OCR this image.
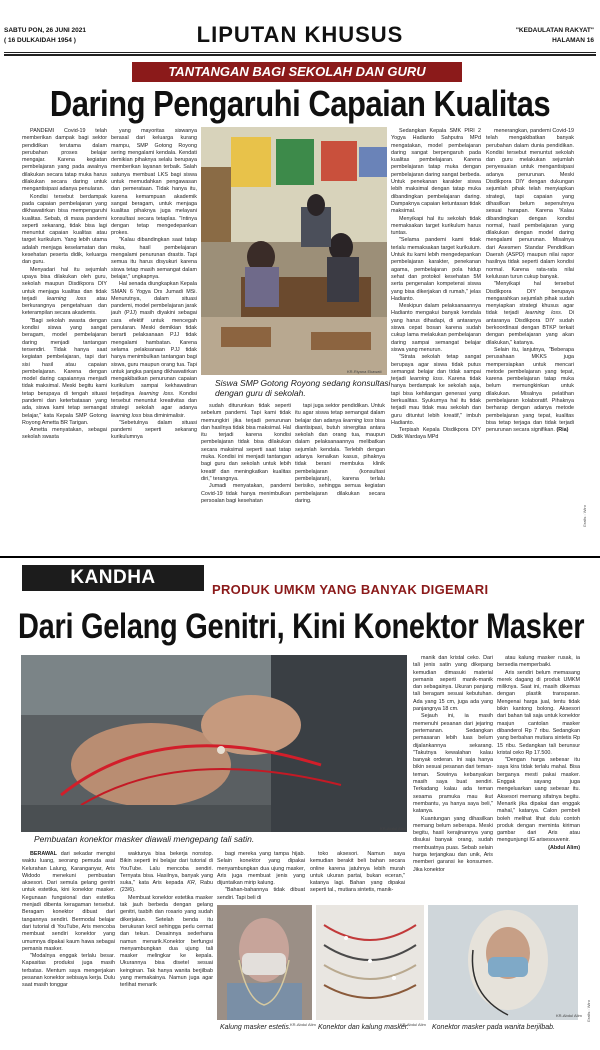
SABTU PON, 26 JUNI 2021
( 16 DULKAIDAH 1954 )	LIPUTAN KHUSUS	"KEDAULATAN RAKYAT"
HALAMAN 16
TANTANGAN BAGI SEKOLAH DAN GURU
Daring Pengaruhi Capaian Kualitas

PANDEMI Covid-19 telah memberikan dampak bagi sektor pendidikan terutama dalam perubahan proses belajar mengajar. Karena kegiatan pembelajaran yang pada awalnya dilakukan secara tatap muka harus dilakukan secara daring untuk mengantisipasi adanya penularan.

Kondisi tersebut berdampak pada capaian pembelajaran yang dikhawatirkan bisa mempengaruhi kualitas. Sebab, di masa pandemi seperti sekarang, tidak bisa lagi menuntut capaian kualitas atau target kurikulum. Yang lebih utama adalah menjaga keselamatan dan kesehatan peserta didik, keluarga dan guru.

Menyadari hal itu sejumlah upaya bisa dilakukan oleh guru, sekolah maupun Disdikpora DIY untuk menjaga kualitas dan tidak terjadi learning loss atau berkurangnya pengetahuan dan keterampilan secara akademis.

"Bagi sekolah swasta dengan kondisi siswa yang sangat beragam, model pembelajaran daring menjadi tantangan tersendiri. Tidak hanya saat kegiatan pembelajaran, tapi dari sisi hasil atau capaian pembelajaran. Karena dengan model daring capaiannya menjadi tidak maksimal. Meski begitu kami tetap berupaya di tengah situasi pandemi dan keterbatasan yang ada, siswa kami tetap semangat belajar," kata Kepala SMP Gotong Royong Ametta BR Tarigan.

Ametta menyatakan, sebagai sekolah swasta

yang mayoritas siswanya berasal dari keluarga kurang mampu, SMP Gotong Royong sering mengalami kendala. Kendati demikian pihaknya selalu berupaya memberikan layanan terbaik. Salah satunya membuat LKS bagi siswa untuk memudahkan pengawasan dan pemerataan. Tidak hanya itu, karena kemampuan akademik sangat beragam, untuk menjaga kualitas pihaknya juga melayani konsultasi secara tetaplas. "Intinya dengan tetap mengedepankan prokes.

"Kalau dibandingkan saat tatap muka, hasil pembelajaran mengalami penurunan drastis. Tapi semua itu harus disyukuri karena siswa tetap masih semangat dalam belajar," ungkapnya.

Hal senada diungkapkan Kepala SMAN 6 Yogya Drs Jumadi MSi. Menurutnya, dalam situasi pandemi, model pembelajaran jarak jauh (PJJ) masih diyakini sebagai cara efektif untuk mencegah penularan. Meski demikian tidak berarti pelaksanaan PJJ tidak mengalami hambatan. Karena selama pelaksanaan PJJ tidak hanya menimbulkan tantangan bagi siswa, guru maupun orang tua. Tapi untuk jangka panjang dikhawatirkan mengakibatkan penurunan capaian kurikulum sampai kekhawatiran terjadinya learning loss. Kondisi tersebut menuntut kreativitas dan strategi sekolah agar adanya learning loss bisa diminimalisir.

"Sebetulnya dalam situasi pandemi seperti sekarang kurikulumnya

KR-Riyana Ekawati
Siswa SMP Gotong Royong sedang konsultasi
dengan guru di sekolah.

sudah diturunkan tidak seperti sebelum pandemi. Tapi kami tidak memungkiri jika terjadi penurunan dan hasilnya tidak bisa maksimal. Hal itu terjadi karena kondisi pembelajaran tidak bisa dilakukan secara maksimal seperti saat tatap muka. Kondisi ini menjadi tantangan bagi guru dan sekolah untuk lebih kreatif dan meningkatkan kualitas diri," terangnya.

Jumadi menyatakan, pandemi Covid-19 tidak hanya menimbulkan persoalan bagi kesehatan

tapi juga sektor pendidikan. Untuk itu agar siswa tetap semangat dalam belajar dan adanya learning loss bisa diantisipasi, butuh sinergitas antara sekolah dan orang tua, maupun dalam pelaksanaannya melibatkan sejumlah kendala. Terlebih dengan adanya kenaikan kasus, pihaknya tidak berani membuka klinik pembelajaran (konsultasi pembelajaran), karena terlalu berisiko, sehingga semua kegiatan pembelajaran dilakukan secara daring.

Sedangkan Kepala SMK PIRI 2 Yogya Hadianto Sahputra MPd mengatakan, model pembelajaran daring sangat berpengaruh pada kualitas pembelajaran. Karena pembelajaran tatap muka dengan pembelajaran daring sangat berbeda. Untuk penekanan karakter siswa lebih maksimal dengan tatap muka dibandingkan pembelajaran daring. Dampaknya capaian ketuntasan tidak maksimal.

Menyikapi hal itu sekolah tidak memaksakan target kurikulum harus tuntas.

"Selama pandemi kami tidak terlalu memaksakan target kurikulum. Untuk itu kami lebih mengedepankan pembelajaran karakter, penekanan agama, pembelajaran pola hidup sehat dan protokol kesehatan 5M serta pengenalan kompetensi siswa yang bisa dikerjakan di rumah," jelas Hadianto.

Meskipun dalam pelaksanaannya Hadianto mengakui banyak kendala yang harus dihadapi, di antaranya siswa cepat bosan karena sudah cukup lama melakukan pembelajaran daring sampai semangat belajar siswa yang menurun.

"Strata sekolah tetap sangat berupaya agar siswa tidak putus semangat belajar dan tidak sampai terjadi learning loss. Karena tidak hanya berdampak ke sekolah saja, tapi bisa kehilangan generasi yang berkualitas. Syukurnya hal itu tidak terjadi mau tidak mau sekolah dan guru dituntut lebih kreatif," imbuh Hadianto.

Terpisah Kepala Disdikpora DIY Didik Wardaya MPd

menerangkan, pandemi Covid-19 telah mengakibatkan banyak perubahan dalam dunia pendidikan. Kondisi tersebut menuntut sekolah dan guru melakukan sejumlah penyesuaian untuk mengantisipasi adanya penurunan. Meski Disdikpora DIY dengan dukungan sejumlah pihak telah menyiapkan strategi, tapi capaian yang dihasilkan belum sepenuhnya sesuai harapan. Karena 'Kalau dibandingkan dengan kondisi normal, hasil pembelajaran yang dilakukan dengan model daring mengalami penurunan. Misalnya dari Asesmen Standar Pendidikan Daerah (ASPD) maupun nilai rapor hasilnya tidak seperti dalam kondisi normal. Karena rata-rata nilai kelulusan turun cukup banyak.

"Menyikapi hal tersebut Disdikpora DIY berupaya mengarahkan sejumlah pihak sudah menyiapkan strategi khusus agar tidak terjadi learning loss. Di antaranya Disdikpora DIY sudah berkoordinasi dengan BTKP terkait dengan pembelajaran yang akan dilakukan," katanya.

Selain itu, lanjutnya, "Beberapa perusahaan MKKS juga mempersiapkan untuk mencari metode pembelajaran yang tepat, karena pembelajaran tatap muka belum memungkinkan untuk dilakukan. Misalnya pelatihan pembelajaran kolaboratif. Pihaknya berharap dengan adanya metode pembelajaran yang tepat, kualitas bisa tetap terjaga dan tidak terjadi penurunan secara signifikan. (Ria)

Grafis : Wiro
KANDHA RAHARJA
PRODUK UMKM YANG BANYAK DIGEMARI
Dari Gelang Genitri, Kini Konektor Masker
KR-Abdul Alim
Pembuatan konektor masker diawali mengepang tali satin.

manik dan kristal ceko. Dari tali jenis satin yang dikepang kemudian dimasuki material pemanis seperti manik-manik dan sebagainya. Ukuran panjang tali beragam sesuai kebutuhan. Ada yang 15 cm, juga ada yang panjangnya 18 cm.

Sejauh ini, ia masih memenuhi pesanan dari jejaring pertemanan. Sedangkan pemasaran lebih luas belum dijalankannya sekarang. "Takutnya kewalahan kalau banyak orderan. Ini saja hanya bikin sesuai pesanan dari teman-teman. Sowinya kebanyakan masih saya buat sendiri. Terkadang kalau ada teman sesama pramuka mau ikut membantu, ya hanya saya beli," katanya.

Kuantungan yang dihasilkan memang belum seberapa. Meski begitu, hasil kerajinannya yang disukai banyak orang, sudah membuatnya puas. Sebab selain harga terjangkau dan unik, Aris memberi garansi ke konsumen. Jika konektor

atau kalung masker rusak, ia bersedia memperbaiki.

Aris sendiri belum memasang merek dagang di produk UMKM miliknya. Saat ini, masih dikemas dengan plastik transparan. Mengenai harga jual, tentu tidak bikin kantong bolong. Aksesori dari bahan tali saja untuk konektor masjun cantolan masker dibanderol Rp 7 ribu. Sedangkan yang berbahan mutiara sintetis Rp 15 ribu. Sedangkan tali berunsur kristal ceko Rp 17.500.

"Dengan harga sebesar itu saya kira tidak terlalu mahal. Bisa berganya mesti pakai masker. Enggak sayang juga mengeluarkan uang sebesar itu. Aksesori memang sifatnya begitu. Menarik jika dipakai dan enggak mahal," katanya. Calon pembeli boleh melihat lihat dulu contoh produk dengan meminta kiriman gambar dari Aris atau mengunjungi IG arisesouvenir.

(Abdul Alim)

BERAWAL dari sekadar mengisi waktu luang, seorang pemuda asal Kelurahan Lalung, Karanganyar, Aris Widodo menekuni pembuatan aksesori. Dari semula gelang genitri untuk estetika, kini konektor masker. Kegunaan fungsional dan estetika menjadi dibenta keragaman tersebut. Beragam konektor dibuat dari tangannya sendiri. Bermodal belajar dari tutorial di YouTube, Aris mencoba membuat sendiri konektor yang umumnya dipakai kaum hawa sebagai pemanis masker.

"Modalnya enggak terlalu besar. Kapasitas produksi juga masih terbatas. Mentum saya mengerjakan pesanan konektor sebisaya kerja. Dulu saat masih tonggar

waktunya bisa bekerja nonstop. Bikin seperti ini belajar dari tutorial di YouTube. Lalu mencoba sendiri. Ternyata bisa. Hasilnya, banyak yang suka," kata Aris kepada KR, Rabu (23/6).

Membuat konektor estetika masker tak jauh berbeda dengan gelang genitri, tasbih dan rosario yang sudah dikerjakan. Setelah benda itu berukuran kecil sehingga perlu cermat dan tekun. Desainnya sederhana namun menarik.Konektor berfungsi menyambungkan dua ujung tali masker melingkar ke kepala. Ukurannya bisa disetel sesuai keinginan. Tak hanya wanita berjilbab yang memakainya. Namun juga agar terlihat menarik

bagi mereka yang tampa hijab. Selain konektor yang dipakai menyambungkan dua ujung masker, Aris juga membuat jenis yang dijuntaikan mirip kalung.

"Bahan-bahannya tidak dibuat sendiri. Tapi beli di

toko aksesori. Namun saya kemudian berakit beli bahan secara online karena jatuhnya lebih murah untuk ukuran partai, bukan eceran," katanya lagi. Bahan yang dipakai seperti tal., mutiara sintetis, manik-

KR-Abdul Alim
Kalung masker estetis.	KR-Abdul Alim
Konektor dan kalung masker.
KR-Abdul Alim
Konektor masker pada wanita berjilbab.
Grafis : Wiro
